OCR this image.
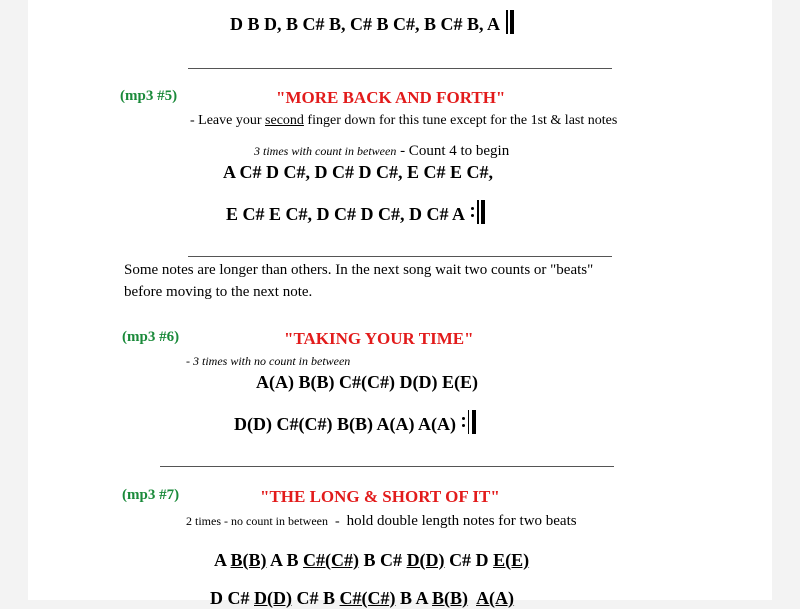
D B D, B C# B, C# B C#, B C# B, A
(mp3 #5)	"MORE BACK AND FORTH"
- Leave your second finger down for this tune except for the 1st & last notes
3 times with count in between - Count 4 to begin
A C# D C#, D C# D C#, E C# E C#,
E C# E C#, D C# D C#, D C# A
Some notes are longer than others. In the next song wait two counts or "beats" before moving to the next note.
(mp3 #6)	"TAKING YOUR TIME"
- 3 times with no count in between
A(A) B(B) C#(C#) D(D) E(E)
D(D) C#(C#) B(B) A(A) A(A)
(mp3 #7)	"THE LONG & SHORT OF IT"
2 times - no count in between  -  hold double length notes for two beats
A B(B) A B C#(C#) B C# D(D) C# D E(E)
D C# D(D) C# B C#(C#) B A B(B) A(A)
